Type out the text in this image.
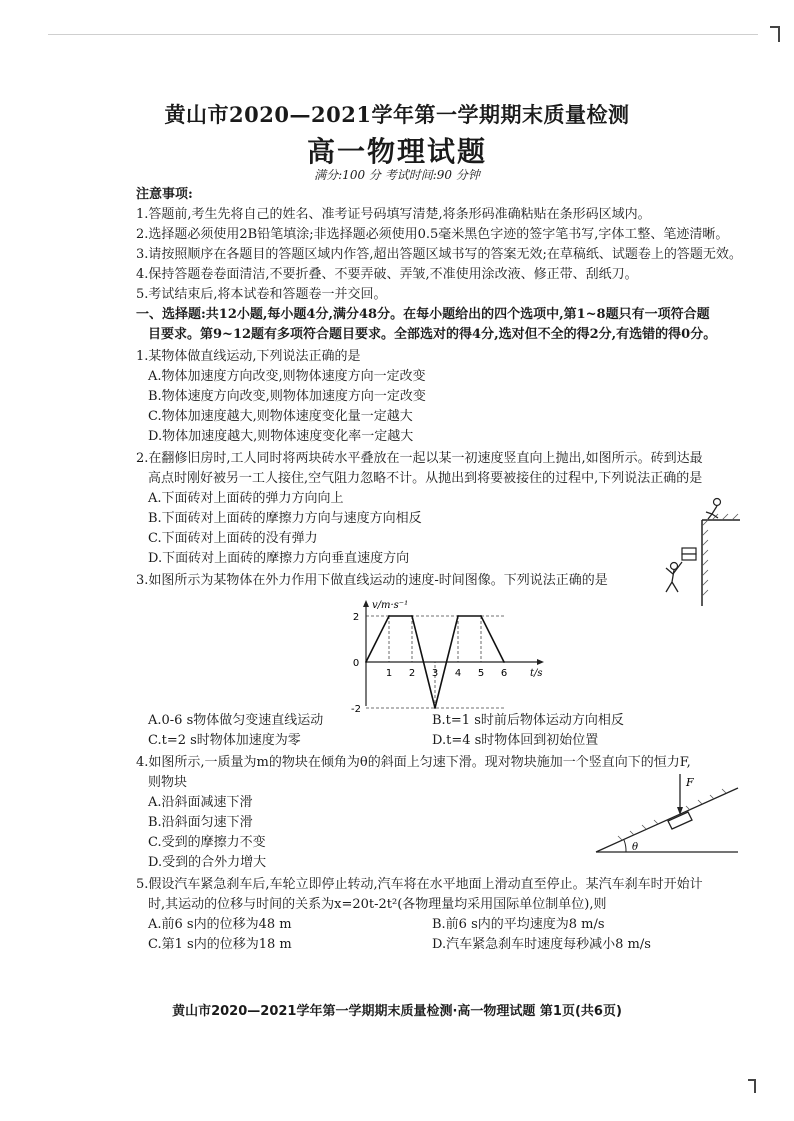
黄山市2020—2021学年第一学期期末质量检测
高一物理试题
满分:100 分 考试时间:90 分钟
注意事项:
1.答题前,考生先将自己的姓名、准考证号码填写清楚,将条形码准确粘贴在条形码区域内。
2.选择题必须使用2B铅笔填涂;非选择题必须使用0.5毫米黑色字迹的签字笔书写,字体工整、笔迹清晰。
3.请按照顺序在各题目的答题区域内作答,超出答题区域书写的答案无效;在草稿纸、试题卷上的答题无效。
4.保持答题卷卷面清洁,不要折叠、不要弄破、弄皱,不准使用涂改液、修正带、刮纸刀。
5.考试结束后,将本试卷和答题卷一并交回。
一、选择题:共12小题,每小题4分,满分48分。在每小题给出的四个选项中,第1~8题只有一项符合题
目要求。第9~12题有多项符合题目要求。全部选对的得4分,选对但不全的得2分,有选错的得0分。
1.某物体做直线运动,下列说法正确的是
A.物体加速度方向改变,则物体速度方向一定改变
B.物体速度方向改变,则物体加速度方向一定改变
C.物体加速度越大,则物体速度变化量一定越大
D.物体加速度越大,则物体速度变化率一定越大
2.在翻修旧房时,工人同时将两块砖水平叠放在一起以某一初速度竖直向上抛出,如图所示。砖到达最
高点时刚好被另一工人接住,空气阻力忽略不计。从抛出到将要被接住的过程中,下列说法正确的是
A.下面砖对上面砖的弹力方向向上
B.下面砖对上面砖的摩擦力方向与速度方向相反
C.下面砖对上面砖的没有弹力
D.下面砖对上面砖的摩擦力方向垂直速度方向
3.如图所示为某物体在外力作用下做直线运动的速度-时间图像。下列说法正确的是
v/m·s⁻¹
t/s
0
1 2 3 4 5 6
2
-2
A.0-6 s物体做匀变速直线运动	B.t=1 s时前后物体运动方向相反
C.t=2 s时物体加速度为零	D.t=4 s时物体回到初始位置
4.如图所示,一质量为m的物块在倾角为θ的斜面上匀速下滑。现对物块施加一个竖直向下的恒力F,
则物块
A.沿斜面减速下滑
B.沿斜面匀速下滑
C.受到的摩擦力不变
D.受到的合外力增大
F
θ
5.假设汽车紧急刹车后,车轮立即停止转动,汽车将在水平地面上滑动直至停止。某汽车刹车时开始计
时,其运动的位移与时间的关系为x=20t-2t²(各物理量均采用国际单位制单位),则
A.前6 s内的位移为48 m	B.前6 s内的平均速度为8 m/s
C.第1 s内的位移为18 m	D.汽车紧急刹车时速度每秒减小8 m/s
黄山市2020—2021学年第一学期期末质量检测·高一物理试题 第1页(共6页)
